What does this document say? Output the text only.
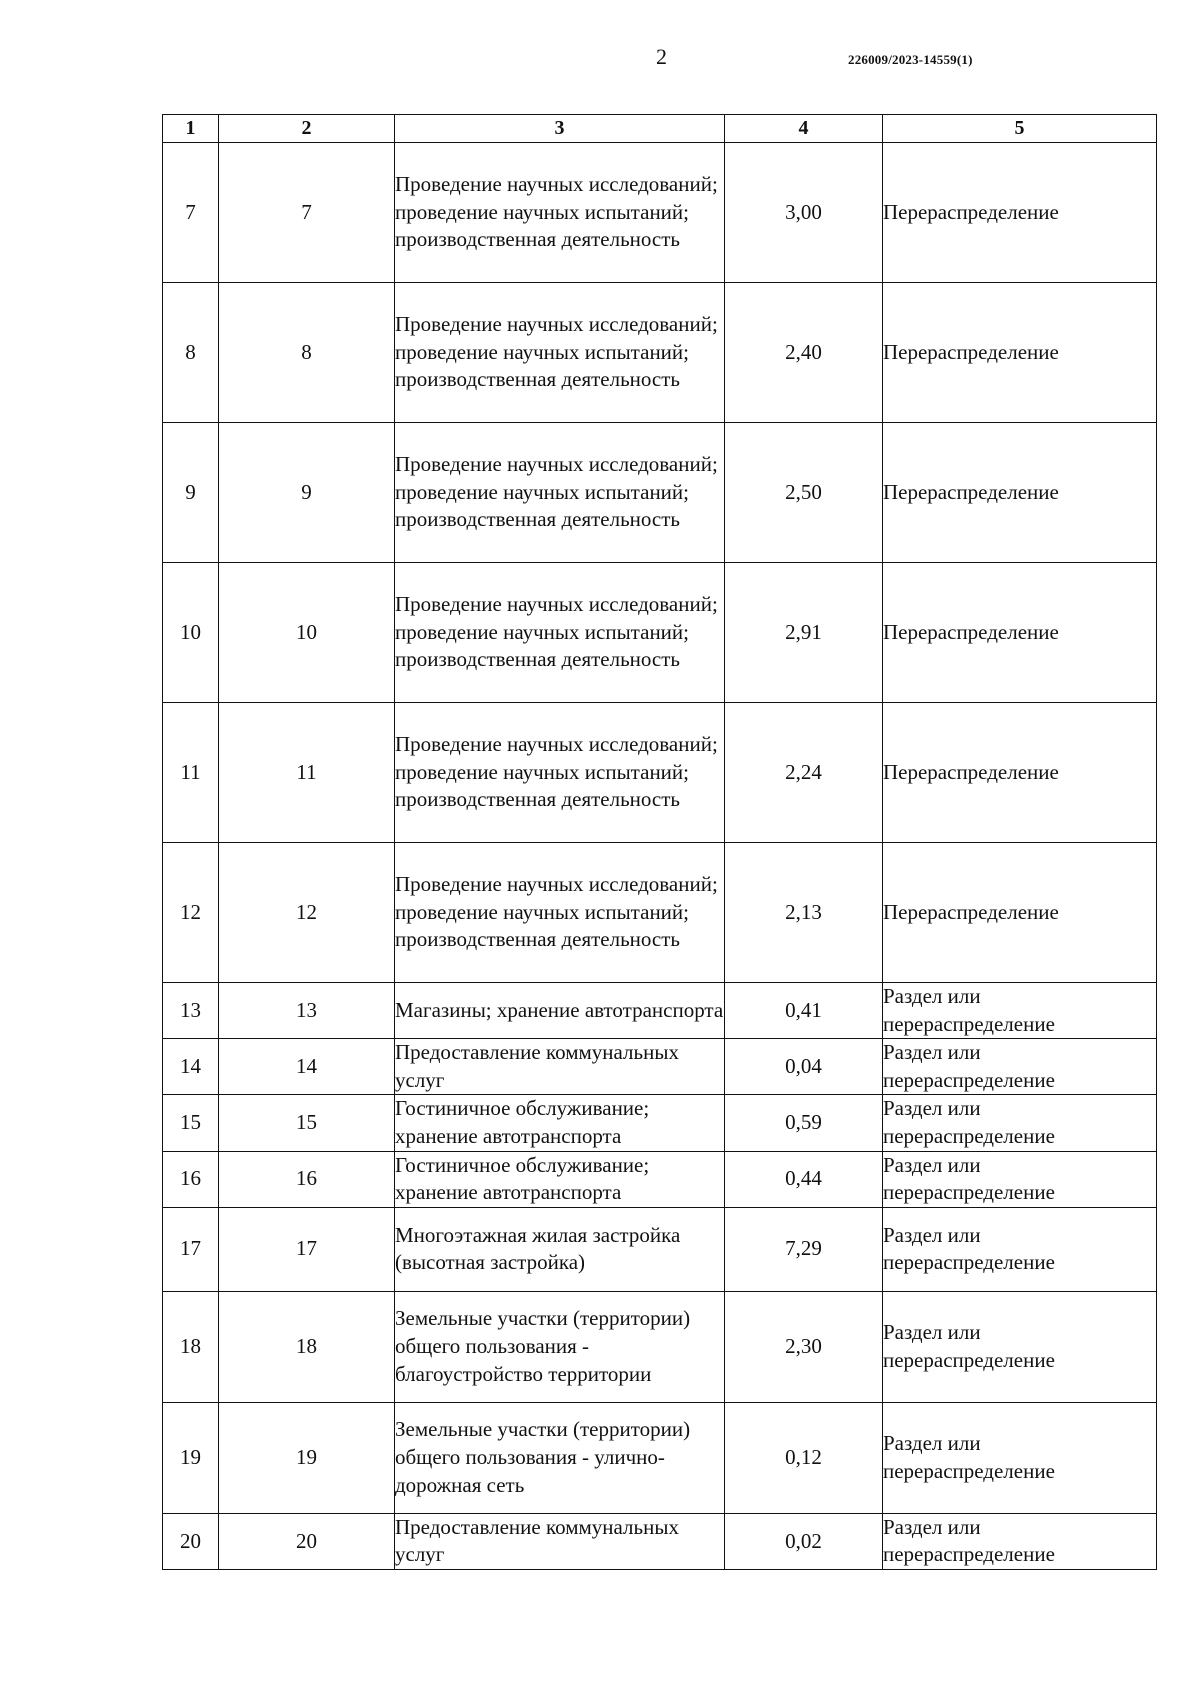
2	226009/2023-14559(1)
1	2	3	4	5
7	7	Проведение научных исследований; проведение научных испытаний; производственная деятельность	3,00	Перераспределение
8	8	Проведение научных исследований; проведение научных испытаний; производственная деятельность	2,40	Перераспределение
9	9	Проведение научных исследований; проведение научных испытаний; производственная деятельность	2,50	Перераспределение
10	10	Проведение научных исследований; проведение научных испытаний; производственная деятельность	2,91	Перераспределение
11	11	Проведение научных исследований; проведение научных испытаний; производственная деятельность	2,24	Перераспределение
12	12	Проведение научных исследований; проведение научных испытаний; производственная деятельность	2,13	Перераспределение
13	13	Магазины; хранение автотранспорта	0,41	Раздел или перераспределение
14	14	Предоставление коммунальных услуг	0,04	Раздел или перераспределение
15	15	Гостиничное обслуживание; хранение автотранспорта	0,59	Раздел или перераспределение
16	16	Гостиничное обслуживание; хранение автотранспорта	0,44	Раздел или перераспределение
17	17	Многоэтажная жилая застройка (высотная застройка)	7,29	Раздел или перераспределение
18	18	Земельные участки (территории) общего пользования - благоустройство территории	2,30	Раздел или перераспределение
19	19	Земельные участки (территории) общего пользования - улично-дорожная сеть	0,12	Раздел или перераспределение
20	20	Предоставление коммунальных услуг	0,02	Раздел или перераспределение
